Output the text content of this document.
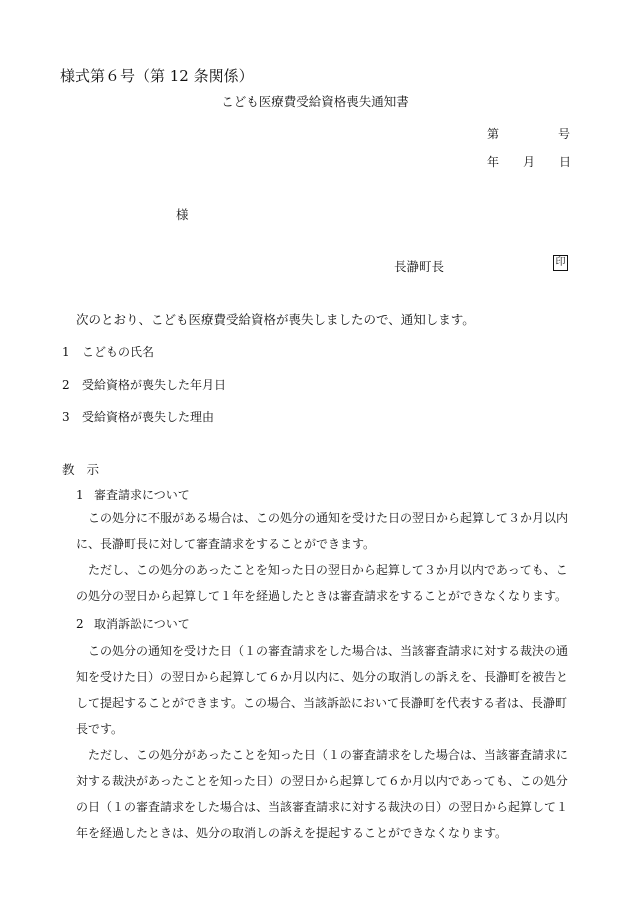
様式第６号（第 12 条関係）
こども医療費受給資格喪失通知書
第	号
年 月 日
様
長瀞町長	印
次のとおり、こども医療費受給資格が喪失しましたので、通知します。
1 こどもの氏名
2 受給資格が喪失した年月日
3 受給資格が喪失した理由
教示
1 審査請求について

この処分に不服がある場合は、この処分の通知を受けた日の翌日から起算して３か月以内に、長瀞町長に対して審査請求をすることができます。

ただし、この処分のあったことを知った日の翌日から起算して３か月以内であっても、この処分の翌日から起算して１年を経過したときは審査請求をすることができなくなります。

2 取消訴訟について

この処分の通知を受けた日（１の審査請求をした場合は、当該審査請求に対する裁決の通知を受けた日）の翌日から起算して６か月以内に、処分の取消しの訴えを、長瀞町を被告として提起することができます。この場合、当該訴訟において長瀞町を代表する者は、長瀞町長です。

ただし、この処分があったことを知った日（１の審査請求をした場合は、当該審査請求に対する裁決があったことを知った日）の翌日から起算して６か月以内であっても、この処分の日（１の審査請求をした場合は、当該審査請求に対する裁決の日）の翌日から起算して１年を経過したときは、処分の取消しの訴えを提起することができなくなります。
